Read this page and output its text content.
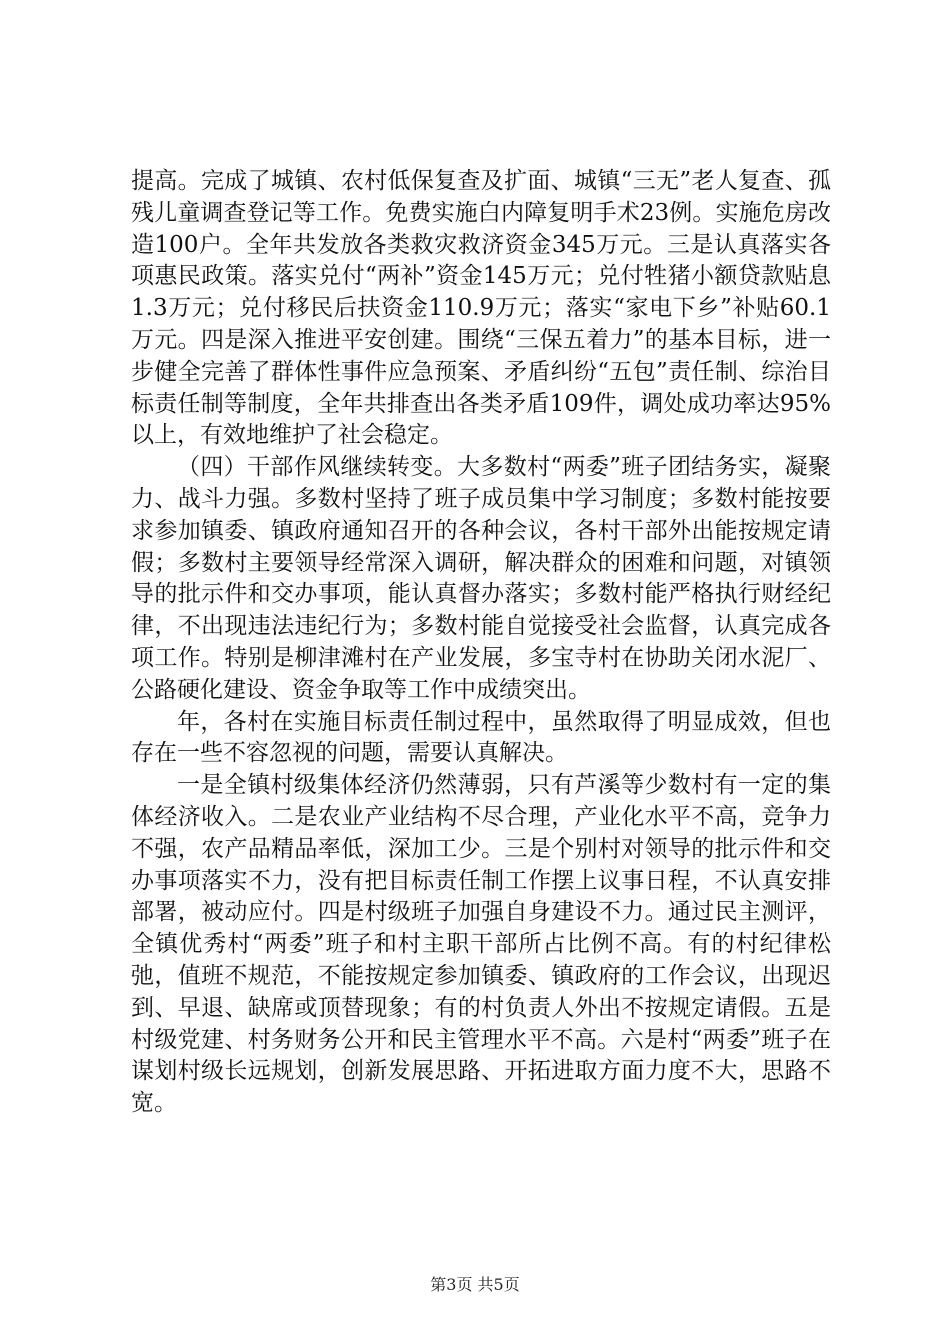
提高。完成了城镇、农村低保复查及扩面、城镇“三无”老人复查、孤残儿童调查登记等工作。免费实施白内障复明手术23例。实施危房改造100户。全年共发放各类救灾救济资金345万元。三是认真落实各项惠民政策。落实兑付“两补”资金145万元；兑付牲猪小额贷款贴息1.3万元；兑付移民后扶资金110.9万元；落实“家电下乡”补贴60.1万元。四是深入推进平安创建。围绕“三保五着力”的基本目标，进一步健全完善了群体性事件应急预案、矛盾纠纷“五包”责任制、综治目标责任制等制度，全年共排查出各类矛盾109件，调处成功率达95%以上，有效地维护了社会稳定。

（四）干部作风继续转变。大多数村“两委”班子团结务实，凝聚力、战斗力强。多数村坚持了班子成员集中学习制度；多数村能按要求参加镇委、镇政府通知召开的各种会议，各村干部外出能按规定请假；多数村主要领导经常深入调研，解决群众的困难和问题，对镇领导的批示件和交办事项，能认真督办落实；多数村能严格执行财经纪律，不出现违法违纪行为；多数村能自觉接受社会监督，认真完成各项工作。特别是柳津滩村在产业发展，多宝寺村在协助关闭水泥厂、公路硬化建设、资金争取等工作中成绩突出。

年，各村在实施目标责任制过程中，虽然取得了明显成效，但也存在一些不容忽视的问题，需要认真解决。

一是全镇村级集体经济仍然薄弱，只有芦溪等少数村有一定的集体经济收入。二是农业产业结构不尽合理，产业化水平不高，竞争力不强，农产品精品率低，深加工少。三是个别村对领导的批示件和交办事项落实不力，没有把目标责任制工作摆上议事日程，不认真安排部署，被动应付。四是村级班子加强自身建设不力。通过民主测评，全镇优秀村“两委”班子和村主职干部所占比例不高。有的村纪律松弛，值班不规范，不能按规定参加镇委、镇政府的工作会议，出现迟到、早退、缺席或顶替现象；有的村负责人外出不按规定请假。五是村级党建、村务财务公开和民主管理水平不高。六是村“两委”班子在谋划村级长远规划，创新发展思路、开拓进取方面力度不大，思路不宽。

第3页 共5页
